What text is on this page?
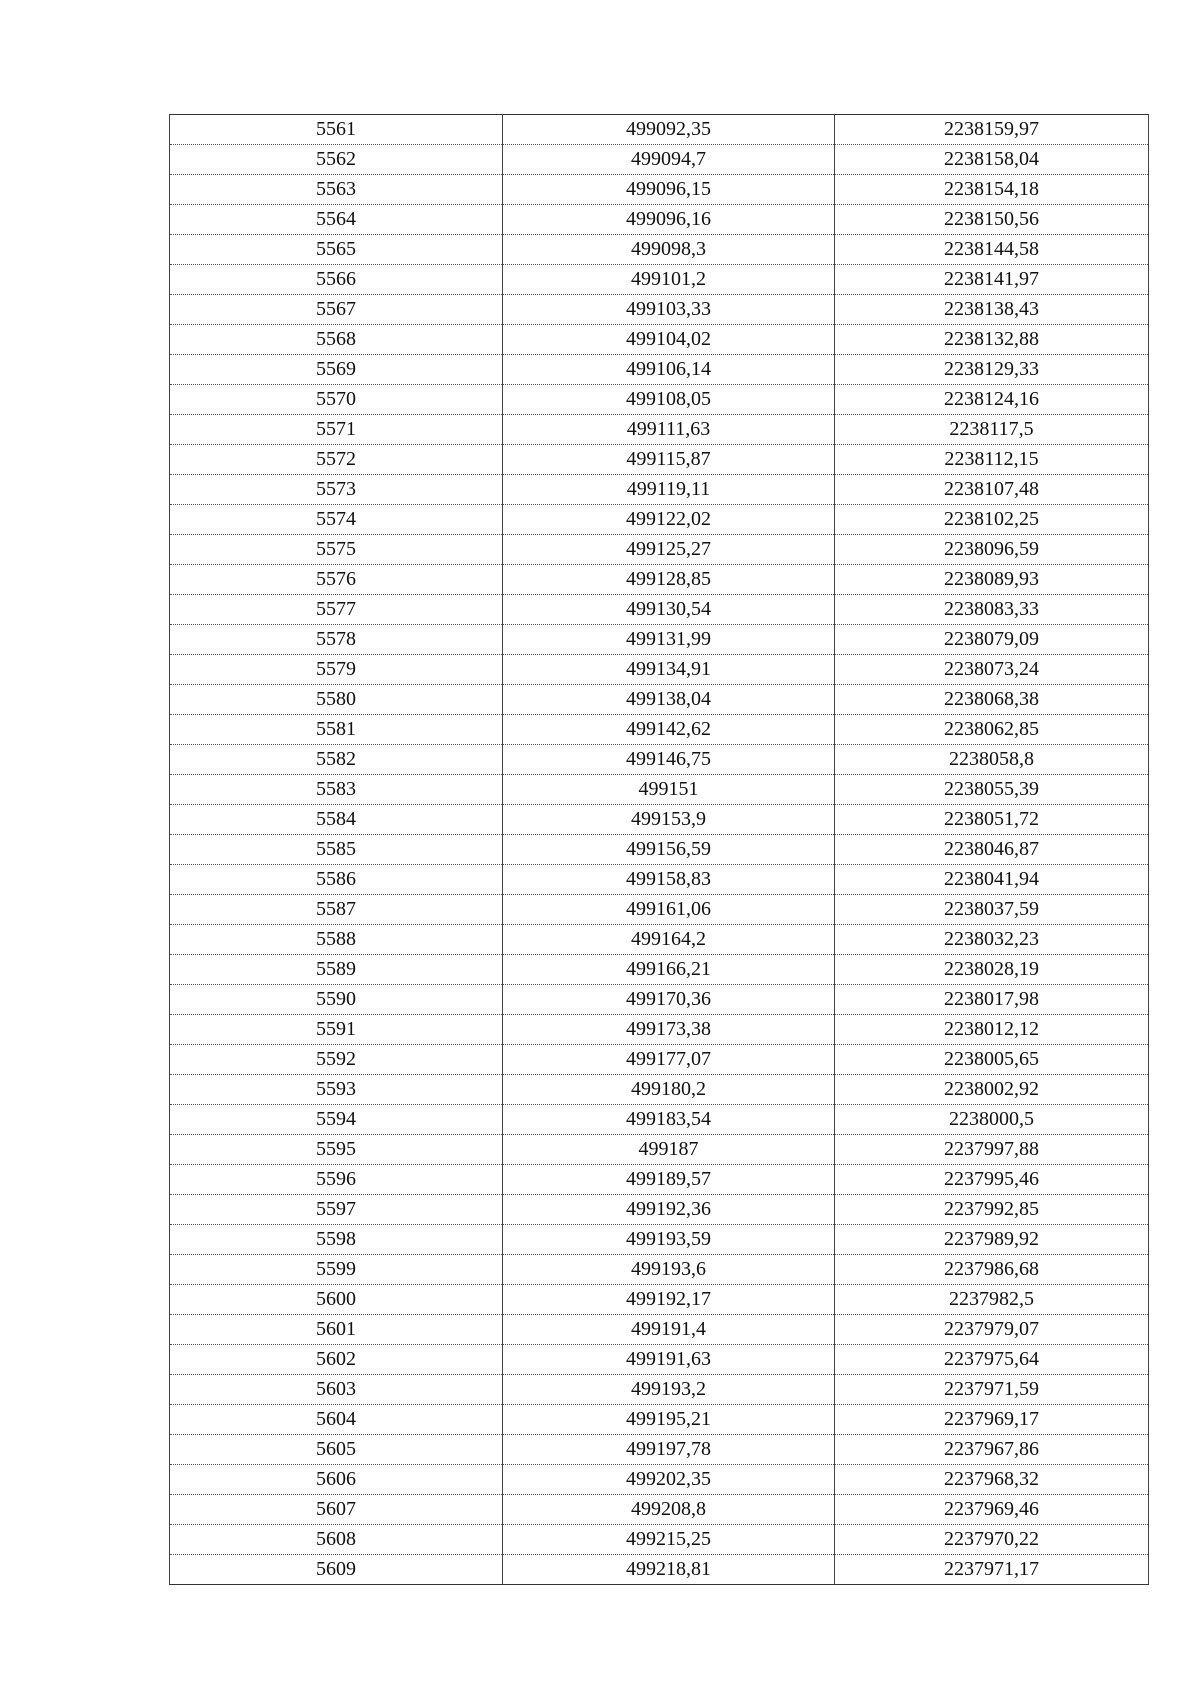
5561	499092,35	2238159,97
5562	499094,7	2238158,04
5563	499096,15	2238154,18
5564	499096,16	2238150,56
5565	499098,3	2238144,58
5566	499101,2	2238141,97
5567	499103,33	2238138,43
5568	499104,02	2238132,88
5569	499106,14	2238129,33
5570	499108,05	2238124,16
5571	499111,63	2238117,5
5572	499115,87	2238112,15
5573	499119,11	2238107,48
5574	499122,02	2238102,25
5575	499125,27	2238096,59
5576	499128,85	2238089,93
5577	499130,54	2238083,33
5578	499131,99	2238079,09
5579	499134,91	2238073,24
5580	499138,04	2238068,38
5581	499142,62	2238062,85
5582	499146,75	2238058,8
5583	499151	2238055,39
5584	499153,9	2238051,72
5585	499156,59	2238046,87
5586	499158,83	2238041,94
5587	499161,06	2238037,59
5588	499164,2	2238032,23
5589	499166,21	2238028,19
5590	499170,36	2238017,98
5591	499173,38	2238012,12
5592	499177,07	2238005,65
5593	499180,2	2238002,92
5594	499183,54	2238000,5
5595	499187	2237997,88
5596	499189,57	2237995,46
5597	499192,36	2237992,85
5598	499193,59	2237989,92
5599	499193,6	2237986,68
5600	499192,17	2237982,5
5601	499191,4	2237979,07
5602	499191,63	2237975,64
5603	499193,2	2237971,59
5604	499195,21	2237969,17
5605	499197,78	2237967,86
5606	499202,35	2237968,32
5607	499208,8	2237969,46
5608	499215,25	2237970,22
5609	499218,81	2237971,17
